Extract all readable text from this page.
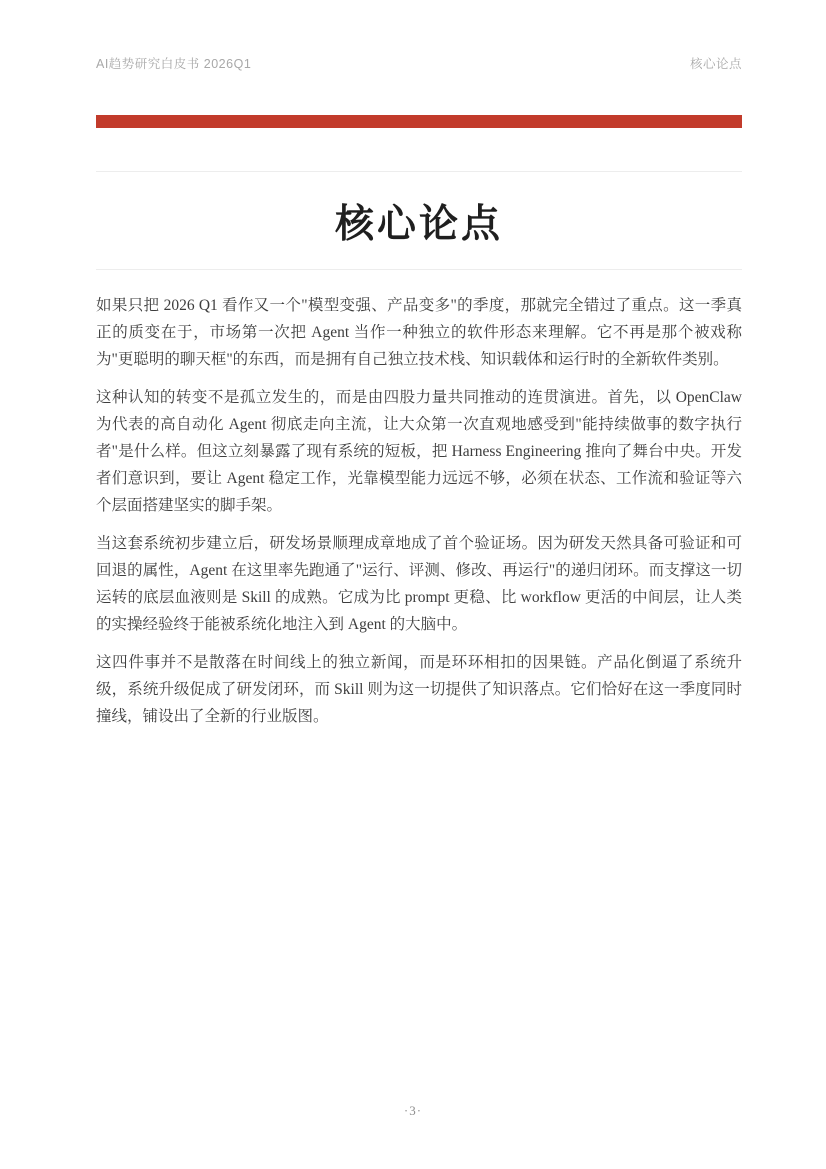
AI趋势研究白皮书 2026Q1	核心论点
核心论点

如果只把 2026 Q1 看作又一个"模型变强、产品变多"的季度，那就完全错过了重点。这一季真正的质变在于，市场第一次把 Agent 当作一种独立的软件形态来理解。它不再是那个被戏称为"更聪明的聊天框"的东西，而是拥有自己独立技术栈、知识载体和运行时的全新软件类别。

这种认知的转变不是孤立发生的，而是由四股力量共同推动的连贯演进。首先，以 OpenClaw 为代表的高自动化 Agent 彻底走向主流，让大众第一次直观地感受到"能持续做事的数字执行者"是什么样。但这立刻暴露了现有系统的短板，把 Harness Engineering 推向了舞台中央。开发者们意识到，要让 Agent 稳定工作，光靠模型能力远远不够，必须在状态、工作流和验证等六个层面搭建坚实的脚手架。

当这套系统初步建立后，研发场景顺理成章地成了首个验证场。因为研发天然具备可验证和可回退的属性，Agent 在这里率先跑通了"运行、评测、修改、再运行"的递归闭环。而支撑这一切运转的底层血液则是 Skill 的成熟。它成为比 prompt 更稳、比 workflow 更活的中间层，让人类的实操经验终于能被系统化地注入到 Agent 的大脑中。

这四件事并不是散落在时间线上的独立新闻，而是环环相扣的因果链。产品化倒逼了系统升级，系统升级促成了研发闭环，而 Skill 则为这一切提供了知识落点。它们恰好在这一季度同时撞线，铺设出了全新的行业版图。

·3·
